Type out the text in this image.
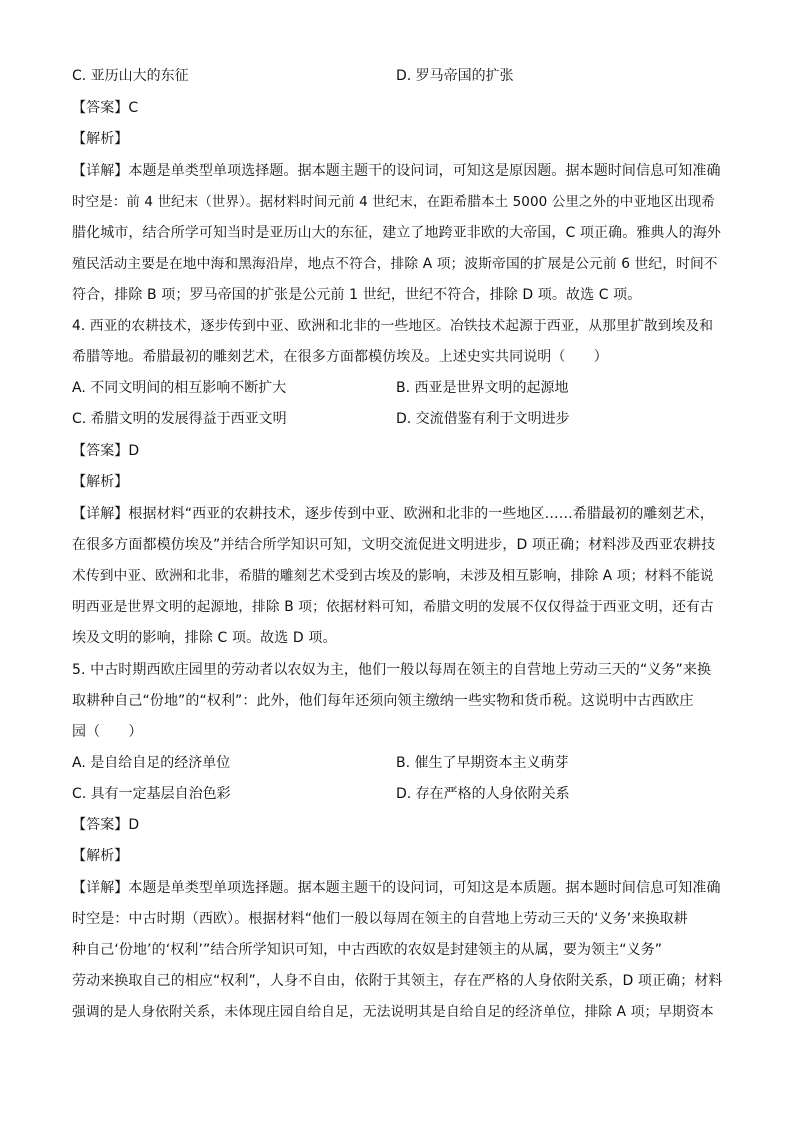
C. 亚历山大的东征	D. 罗马帝国的扩张
【答案】C
【解析】
【详解】本题是单类型单项选择题。据本题主题干的设问词，可知这是原因题。据本题时间信息可知准确
时空是：前 4 世纪末（世界）。据材料时间元前 4 世纪末，在距希腊本土 5000 公里之外的中亚地区出现希
腊化城市，结合所学可知当时是亚历山大的东征，建立了地跨亚非欧的大帝国，C 项正确。雅典人的海外
殖民活动主要是在地中海和黑海沿岸，地点不符合，排除 A 项；波斯帝国的扩展是公元前 6 世纪，时间不
符合，排除 B 项；罗马帝国的扩张是公元前 1 世纪，世纪不符合，排除 D 项。故选 C 项。
4. 西亚的农耕技术，逐步传到中亚、欧洲和北非的一些地区。冶铁技术起源于西亚，从那里扩散到埃及和
希腊等地。希腊最初的雕刻艺术，在很多方面都模仿埃及。上述史实共同说明（　　）
A. 不同文明间的相互影响不断扩大	B. 西亚是世界文明的起源地
C. 希腊文明的发展得益于西亚文明	D. 交流借鉴有利于文明进步
【答案】D
【解析】
【详解】根据材料“西亚的农耕技术，逐步传到中亚、欧洲和北非的一些地区……希腊最初的雕刻艺术，
在很多方面都模仿埃及”并结合所学知识可知，文明交流促进文明进步，D 项正确；材料涉及西亚农耕技
术传到中亚、欧洲和北非，希腊的雕刻艺术受到古埃及的影响，未涉及相互影响，排除 A 项；材料不能说
明西亚是世界文明的起源地，排除 B 项；依据材料可知，希腊文明的发展不仅仅得益于西亚文明，还有古
埃及文明的影响，排除 C 项。故选 D 项。
5. 中古时期西欧庄园里的劳动者以农奴为主，他们一般以每周在领主的自营地上劳动三天的“义务”来换
取耕种自己“份地”的“权利”：此外，他们每年还须向领主缴纳一些实物和货币税。这说明中古西欧庄
园（　　）
A. 是自给自足的经济单位	B. 催生了早期资本主义萌芽
C. 具有一定基层自治色彩	D. 存在严格的人身依附关系
【答案】D
【解析】
【详解】本题是单类型单项选择题。据本题主题干的设问词，可知这是本质题。据本题时间信息可知准确
时空是：中古时期（西欧）。根据材料“他们一般以每周在领主的自营地上劳动三天的‘义务’来换取耕
种自己‘份地’的‘权利’”结合所学知识可知，中古西欧的农奴是封建领主的从属，要为领主“义务”
劳动来换取自己的相应“权利”，人身不自由，依附于其领主，存在严格的人身依附关系，D 项正确；材料
强调的是人身依附关系，未体现庄园自给自足，无法说明其是自给自足的经济单位，排除 A 项；早期资本
